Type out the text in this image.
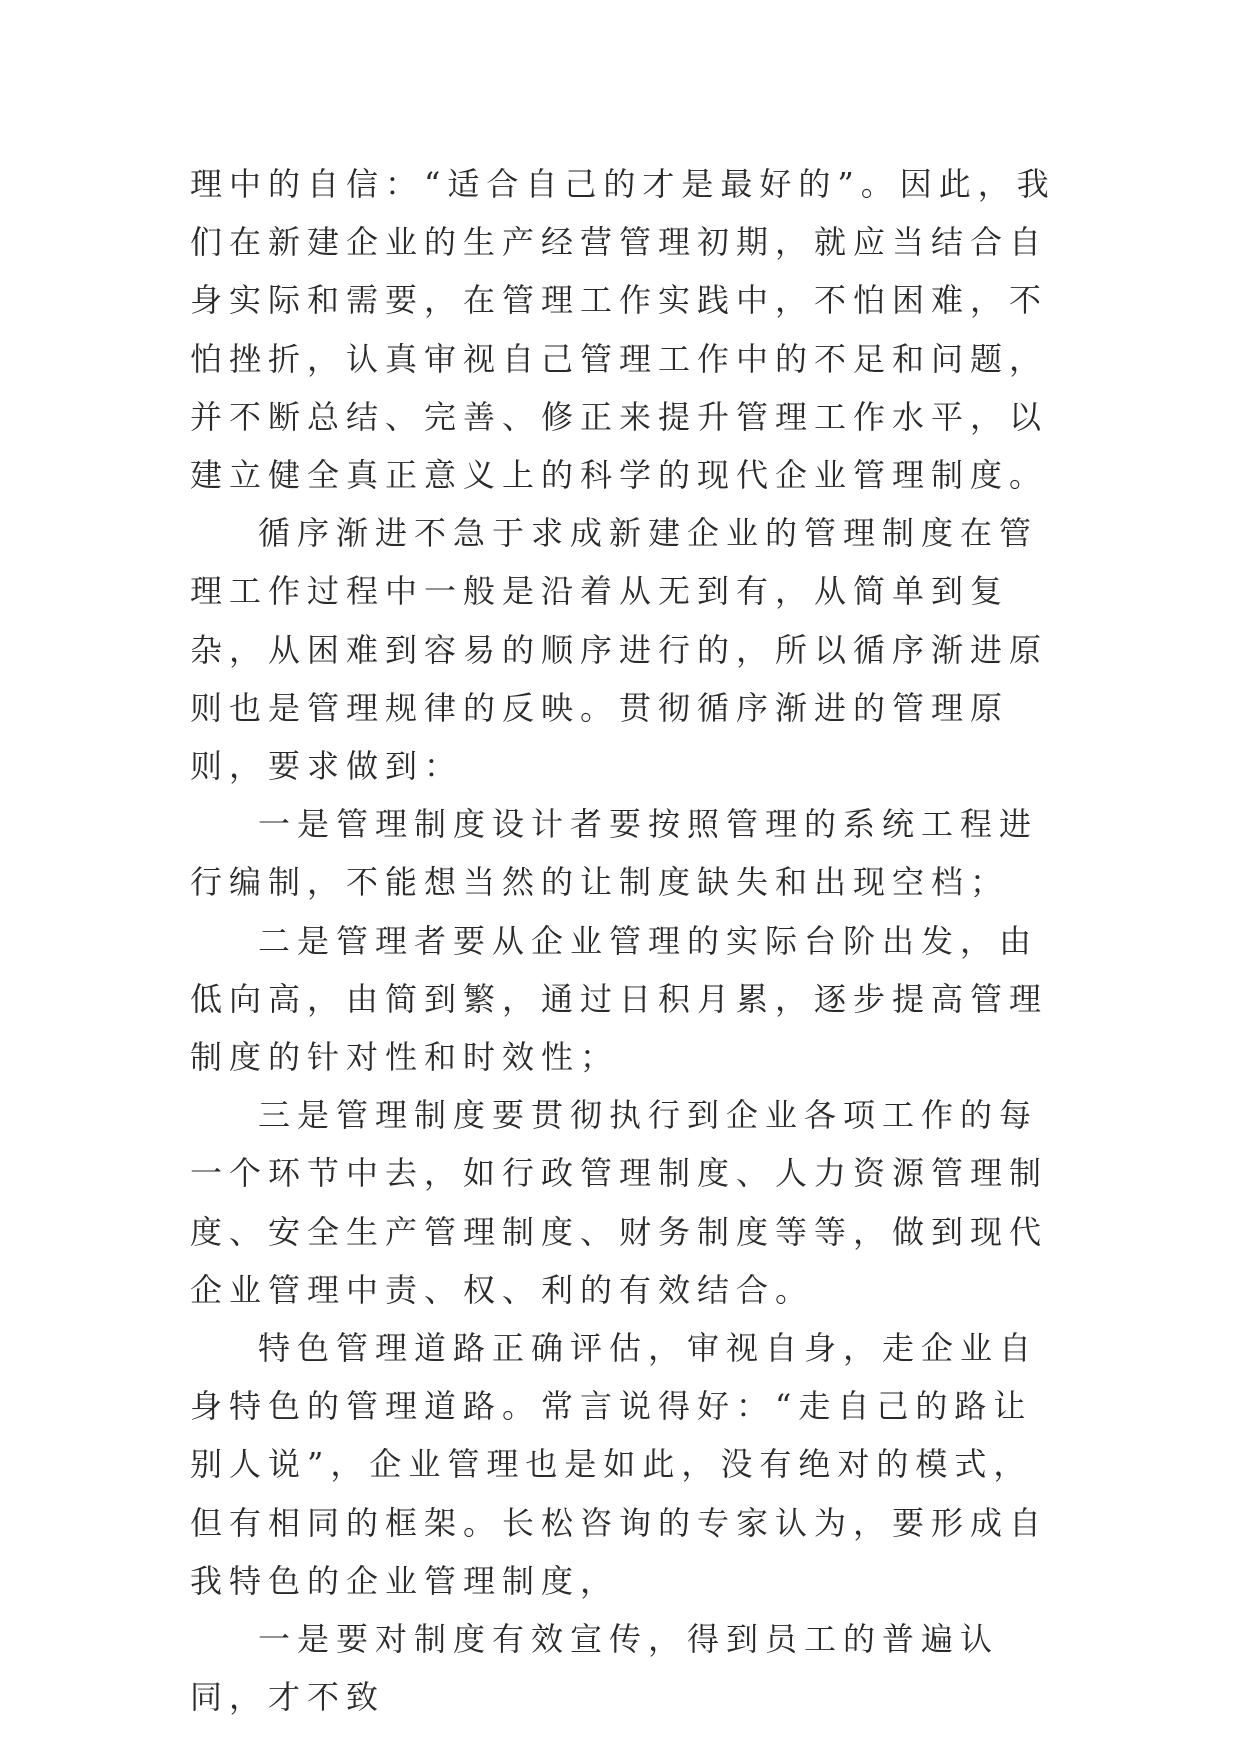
理中的自信：“适合自己的才是最好的”。因此，我们在新建企业的生产经营管理初期，就应当结合自身实际和需要，在管理工作实践中，不怕困难，不怕挫折，认真审视自己管理工作中的不足和问题，并不断总结、完善、修正来提升管理工作水平，以建立健全真正意义上的科学的现代企业管理制度。

循序渐进不急于求成新建企业的管理制度在管理工作过程中一般是沿着从无到有，从简单到复杂，从困难到容易的顺序进行的，所以循序渐进原则也是管理规律的反映。贯彻循序渐进的管理原则，要求做到：

一是管理制度设计者要按照管理的系统工程进行编制，不能想当然的让制度缺失和出现空档；

二是管理者要从企业管理的实际台阶出发，由低向高，由简到繁，通过日积月累，逐步提高管理制度的针对性和时效性；

三是管理制度要贯彻执行到企业各项工作的每一个环节中去，如行政管理制度、人力资源管理制度、安全生产管理制度、财务制度等等，做到现代企业管理中责、权、利的有效结合。

特色管理道路正确评估，审视自身，走企业自身特色的管理道路。常言说得好：“走自己的路让别人说”，企业管理也是如此，没有绝对的模式，但有相同的框架。长松咨询的专家认为，要形成自我特色的企业管理制度，

一是要对制度有效宣传，得到员工的普遍认同，才不致
